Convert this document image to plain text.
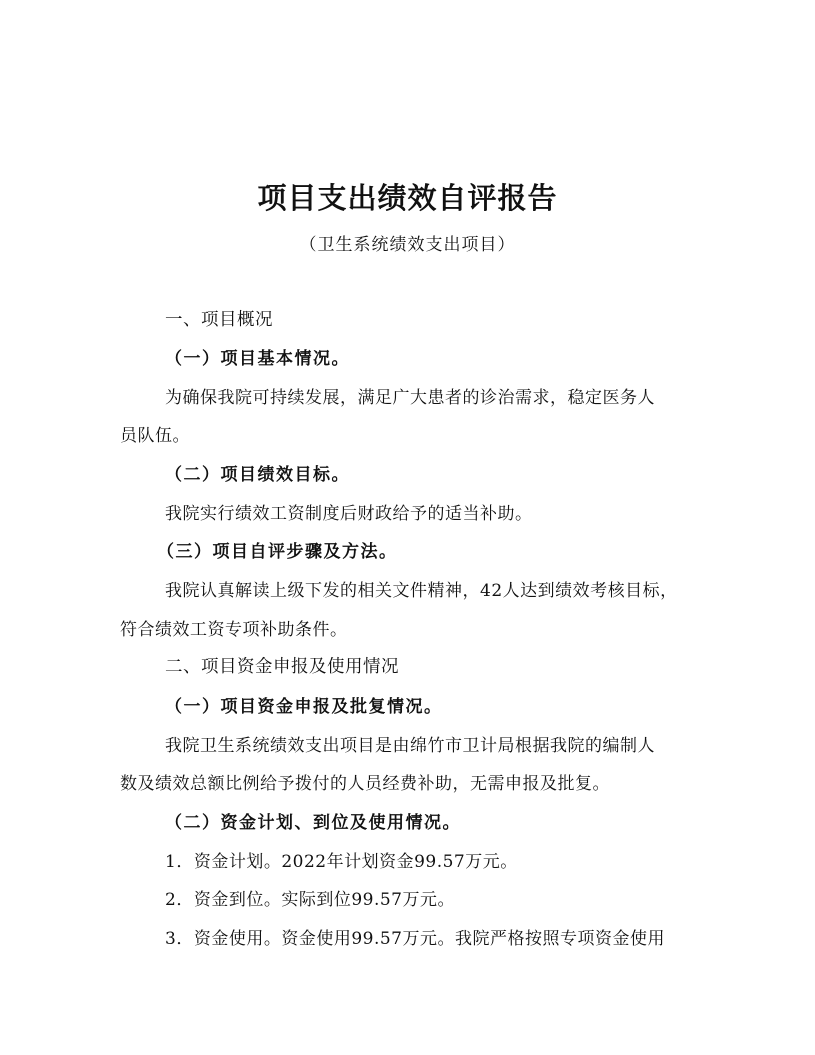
项目支出绩效自评报告
（卫生系统绩效支出项目）
一、项目概况
（一）项目基本情况。
为确保我院可持续发展，满足广大患者的诊治需求，稳定医务人
员队伍。
（二）项目绩效目标。
我院实行绩效工资制度后财政给予的适当补助。
（三）项目自评步骤及方法。
我院认真解读上级下发的相关文件精神，42人达到绩效考核目标，
符合绩效工资专项补助条件。
二、项目资金申报及使用情况
（一）项目资金申报及批复情况。
我院卫生系统绩效支出项目是由绵竹市卫计局根据我院的编制人
数及绩效总额比例给予拨付的人员经费补助，无需申报及批复。
（二）资金计划、到位及使用情况。
1．资金计划。2022年计划资金99.57万元。
2．资金到位。实际到位99.57万元。
3．资金使用。资金使用99.57万元。我院严格按照专项资金使用
